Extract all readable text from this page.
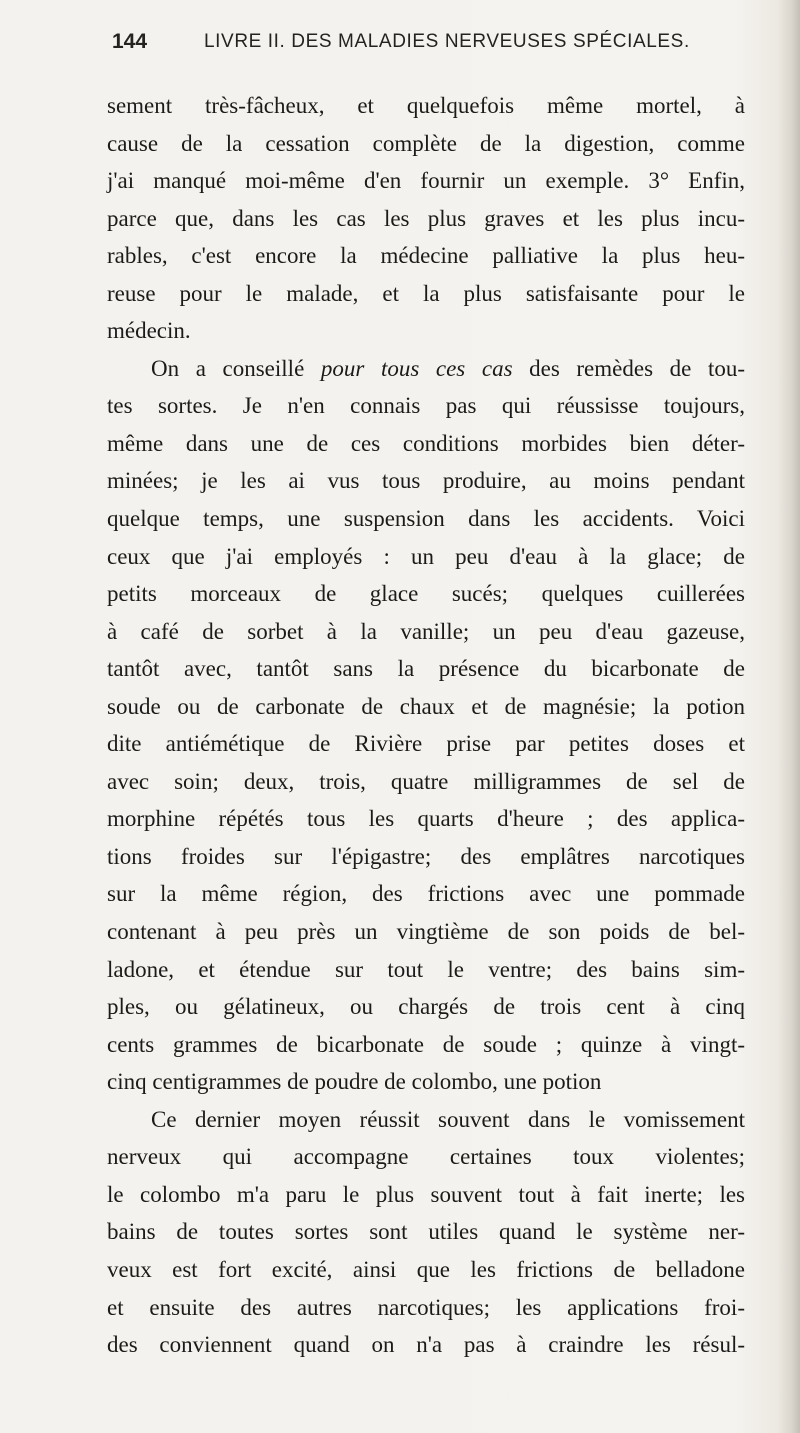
144	LIVRE II. DES MALADIES NERVEUSES SPÉCIALES.
sement très-fâcheux, et quelquefois même mortel, à
cause de la cessation complète de la digestion, comme
j'ai manqué moi-même d'en fournir un exemple. 3° Enfin,
parce que, dans les cas les plus graves et les plus incu-
rables, c'est encore la médecine palliative la plus heu-
reuse pour le malade, et la plus satisfaisante pour le
médecin.
On a conseillé pour tous ces cas des remèdes de tou-
tes sortes. Je n'en connais pas qui réussisse toujours,
même dans une de ces conditions morbides bien déter-
minées; je les ai vus tous produire, au moins pendant
quelque temps, une suspension dans les accidents. Voici
ceux que j'ai employés : un peu d'eau à la glace; de
petits morceaux de glace sucés; quelques cuillerées
à café de sorbet à la vanille; un peu d'eau gazeuse,
tantôt avec, tantôt sans la présence du bicarbonate de
soude ou de carbonate de chaux et de magnésie; la potion
dite antiémétique de Rivière prise par petites doses et
avec soin; deux, trois, quatre milligrammes de sel de
morphine répétés tous les quarts d'heure ; des applica-
tions froides sur l'épigastre; des emplâtres narcotiques
sur la même région, des frictions avec une pommade
contenant à peu près un vingtième de son poids de bel-
ladone, et étendue sur tout le ventre; des bains sim-
ples, ou gélatineux, ou chargés de trois cent à cinq
cents grammes de bicarbonate de soude ; quinze à vingt-
cinq centigrammes de poudre de colombo, une potion
Ce dernier moyen réussit souvent dans le vomissement
nerveux qui accompagne certaines toux violentes;
le colombo m'a paru le plus souvent tout à fait inerte; les
bains de toutes sortes sont utiles quand le système ner-
veux est fort excité, ainsi que les frictions de belladone
et ensuite des autres narcotiques; les applications froi-
des conviennent quand on n'a pas à craindre les résul-
